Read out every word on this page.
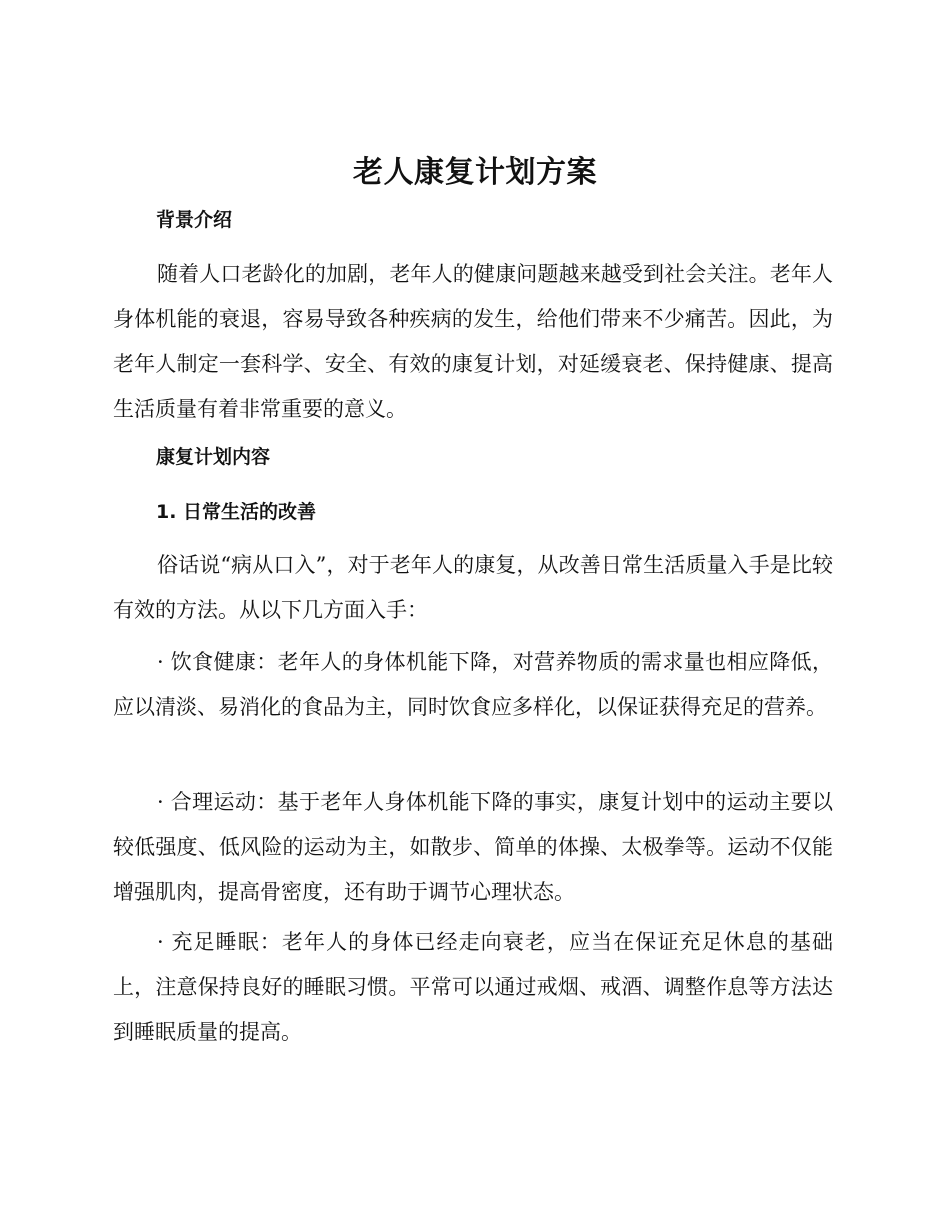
老人康复计划方案
背景介绍

随着人口老龄化的加剧，老年人的健康问题越来越受到社会关注。老年人身体机能的衰退，容易导致各种疾病的发生，给他们带来不少痛苦。因此，为老年人制定一套科学、安全、有效的康复计划，对延缓衰老、保持健康、提高生活质量有着非常重要的意义。

康复计划内容
1. 日常生活的改善

俗话说“病从口入”，对于老年人的康复，从改善日常生活质量入手是比较有效的方法。从以下几方面入手：

· 饮食健康：老年人的身体机能下降，对营养物质的需求量也相应降低，应以清淡、易消化的食品为主，同时饮食应多样化，以保证获得充足的营养。

· 合理运动：基于老年人身体机能下降的事实，康复计划中的运动主要以较低强度、低风险的运动为主，如散步、简单的体操、太极拳等。运动不仅能增强肌肉，提高骨密度，还有助于调节心理状态。

· 充足睡眠：老年人的身体已经走向衰老，应当在保证充足休息的基础上，注意保持良好的睡眠习惯。平常可以通过戒烟、戒酒、调整作息等方法达到睡眠质量的提高。
